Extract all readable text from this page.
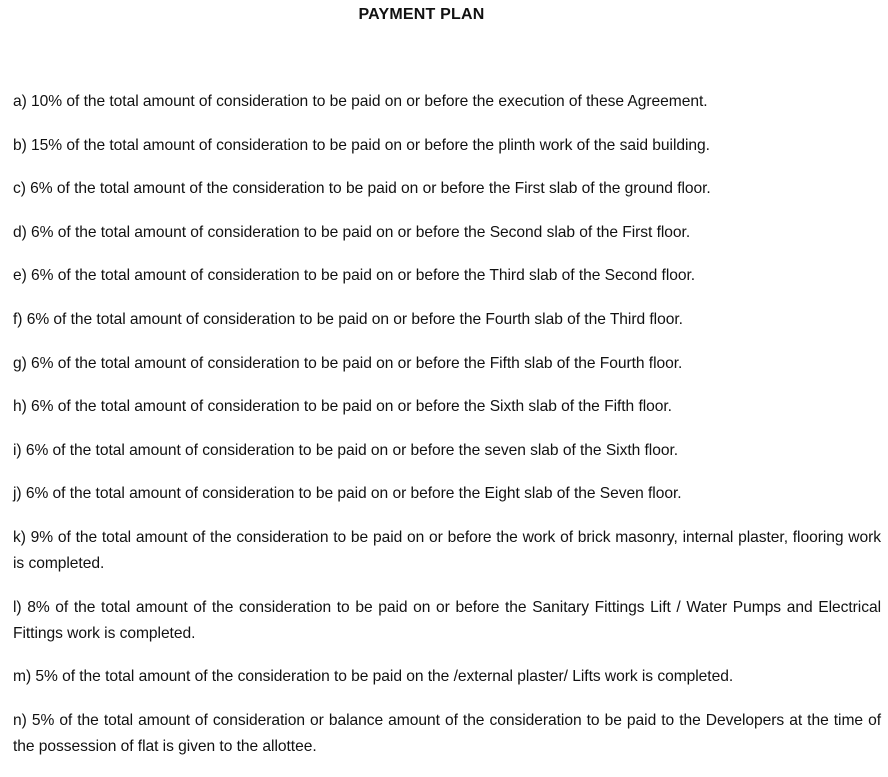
PAYMENT PLAN
a) 10% of the total amount of consideration to be paid on or before the execution of these Agreement.
b) 15% of the total amount of consideration to be paid on or before the plinth work of the said building.
c) 6% of the total amount of the consideration to be paid on or before the First slab of the ground floor.
d) 6% of the total amount of consideration to be paid on or before the Second slab of the First floor.
e) 6% of the total amount of consideration to be paid on or before the Third slab of the Second floor.
f) 6% of the total amount of consideration to be paid on or before the Fourth slab of the Third floor.
g) 6% of the total amount of consideration to be paid on or before the Fifth slab of the Fourth floor.
h) 6% of the total amount of consideration to be paid on or before the Sixth slab of the Fifth floor.
i) 6% of the total amount of consideration to be paid on or before the seven slab of the Sixth floor.
j) 6% of the total amount of consideration to be paid on or before the Eight slab of the Seven floor.
k) 9% of the total amount of the consideration to be paid on or before the work of brick masonry, internal plaster, flooring work is completed.
l) 8% of the total amount of the consideration to be paid on or before the Sanitary Fittings Lift / Water Pumps and Electrical Fittings work is completed.
m) 5% of the total amount of the consideration to be paid on the /external plaster/ Lifts work is completed.
n) 5% of the total amount of consideration or balance amount of the consideration to be paid to the Developers at the time of the possession of flat is given to the allottee.
